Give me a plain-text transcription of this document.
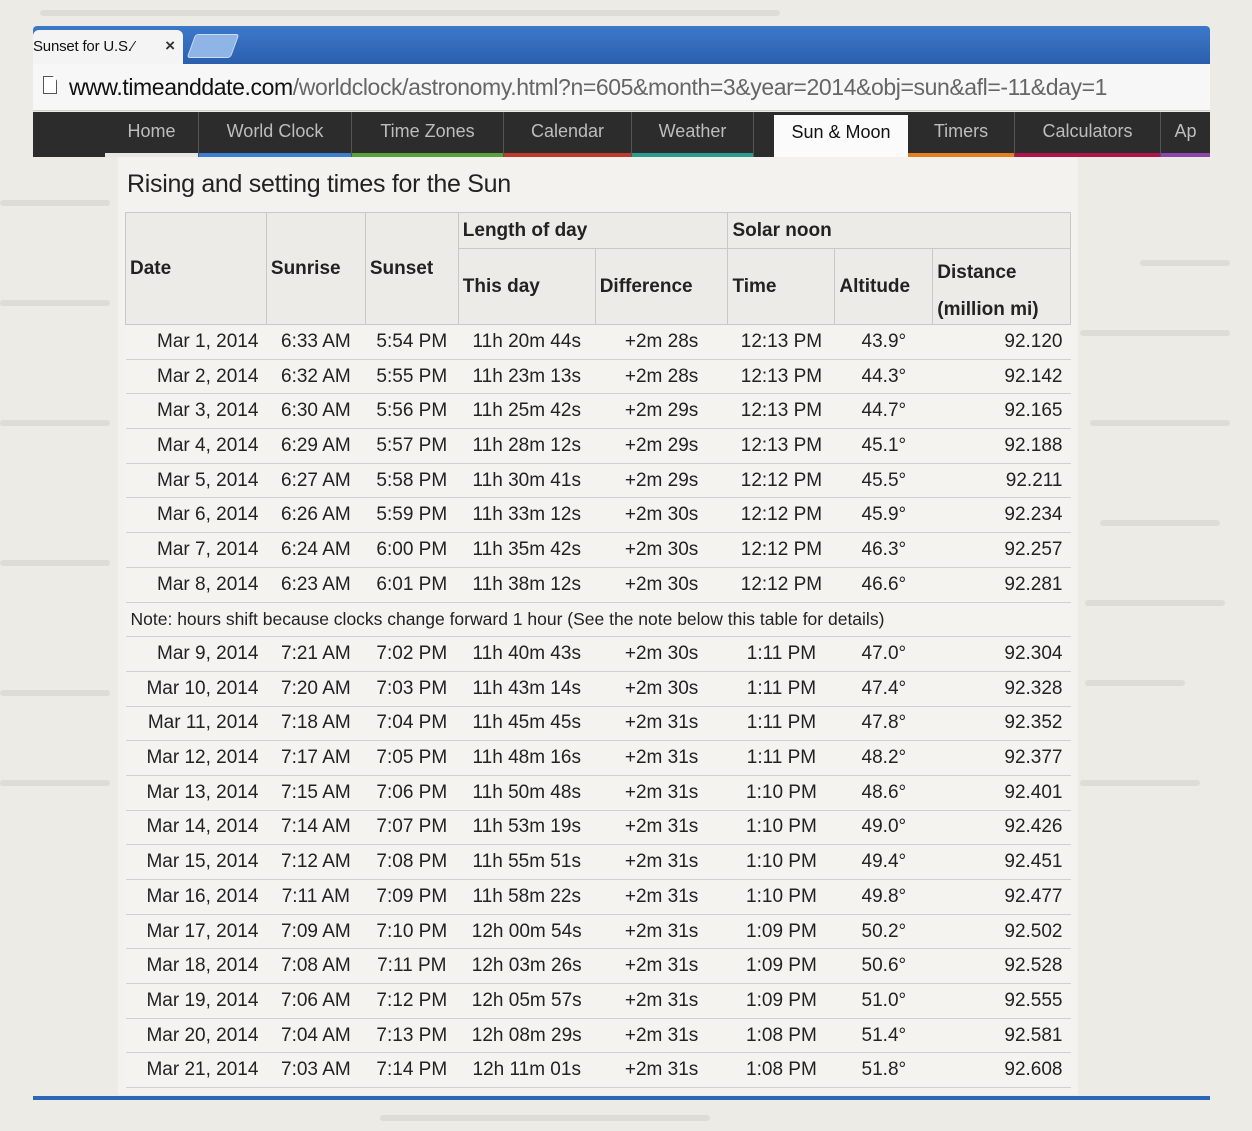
Sunset for U.S.⁄ ×
www.timeanddate.com/worldclock/astronomy.html?n=605&month=3&year=2014&obj=sun&afl=-11&day=1
Home	World Clock	Time Zones	Calendar	Weather	Sun & Moon	Timers	Calculators	Ap
Rising and setting times for the Sun
Date	Sunrise	Sunset	Length of day		Solar noon		
			This day	Difference	Time	Altitude	Distance
							(million mi)
Mar 1, 2014	6:33 AM	5:54 PM	11h 20m 44s	+2m 28s	12:13 PM	43.9°	92.120
Mar 2, 2014	6:32 AM	5:55 PM	11h 23m 13s	+2m 28s	12:13 PM	44.3°	92.142
Mar 3, 2014	6:30 AM	5:56 PM	11h 25m 42s	+2m 29s	12:13 PM	44.7°	92.165
Mar 4, 2014	6:29 AM	5:57 PM	11h 28m 12s	+2m 29s	12:13 PM	45.1°	92.188
Mar 5, 2014	6:27 AM	5:58 PM	11h 30m 41s	+2m 29s	12:12 PM	45.5°	92.211
Mar 6, 2014	6:26 AM	5:59 PM	11h 33m 12s	+2m 30s	12:12 PM	45.9°	92.234
Mar 7, 2014	6:24 AM	6:00 PM	11h 35m 42s	+2m 30s	12:12 PM	46.3°	92.257
Mar 8, 2014	6:23 AM	6:01 PM	11h 38m 12s	+2m 30s	12:12 PM	46.6°	92.281
Note: hours shift because clocks change forward 1 hour (See the note below this table for details)							
Mar 9, 2014	7:21 AM	7:02 PM	11h 40m 43s	+2m 30s	1:11 PM	47.0°	92.304
Mar 10, 2014	7:20 AM	7:03 PM	11h 43m 14s	+2m 30s	1:11 PM	47.4°	92.328
Mar 11, 2014	7:18 AM	7:04 PM	11h 45m 45s	+2m 31s	1:11 PM	47.8°	92.352
Mar 12, 2014	7:17 AM	7:05 PM	11h 48m 16s	+2m 31s	1:11 PM	48.2°	92.377
Mar 13, 2014	7:15 AM	7:06 PM	11h 50m 48s	+2m 31s	1:10 PM	48.6°	92.401
Mar 14, 2014	7:14 AM	7:07 PM	11h 53m 19s	+2m 31s	1:10 PM	49.0°	92.426
Mar 15, 2014	7:12 AM	7:08 PM	11h 55m 51s	+2m 31s	1:10 PM	49.4°	92.451
Mar 16, 2014	7:11 AM	7:09 PM	11h 58m 22s	+2m 31s	1:10 PM	49.8°	92.477
Mar 17, 2014	7:09 AM	7:10 PM	12h 00m 54s	+2m 31s	1:09 PM	50.2°	92.502
Mar 18, 2014	7:08 AM	7:11 PM	12h 03m 26s	+2m 31s	1:09 PM	50.6°	92.528
Mar 19, 2014	7:06 AM	7:12 PM	12h 05m 57s	+2m 31s	1:09 PM	51.0°	92.555
Mar 20, 2014	7:04 AM	7:13 PM	12h 08m 29s	+2m 31s	1:08 PM	51.4°	92.581
Mar 21, 2014	7:03 AM	7:14 PM	12h 11m 01s	+2m 31s	1:08 PM	51.8°	92.608
